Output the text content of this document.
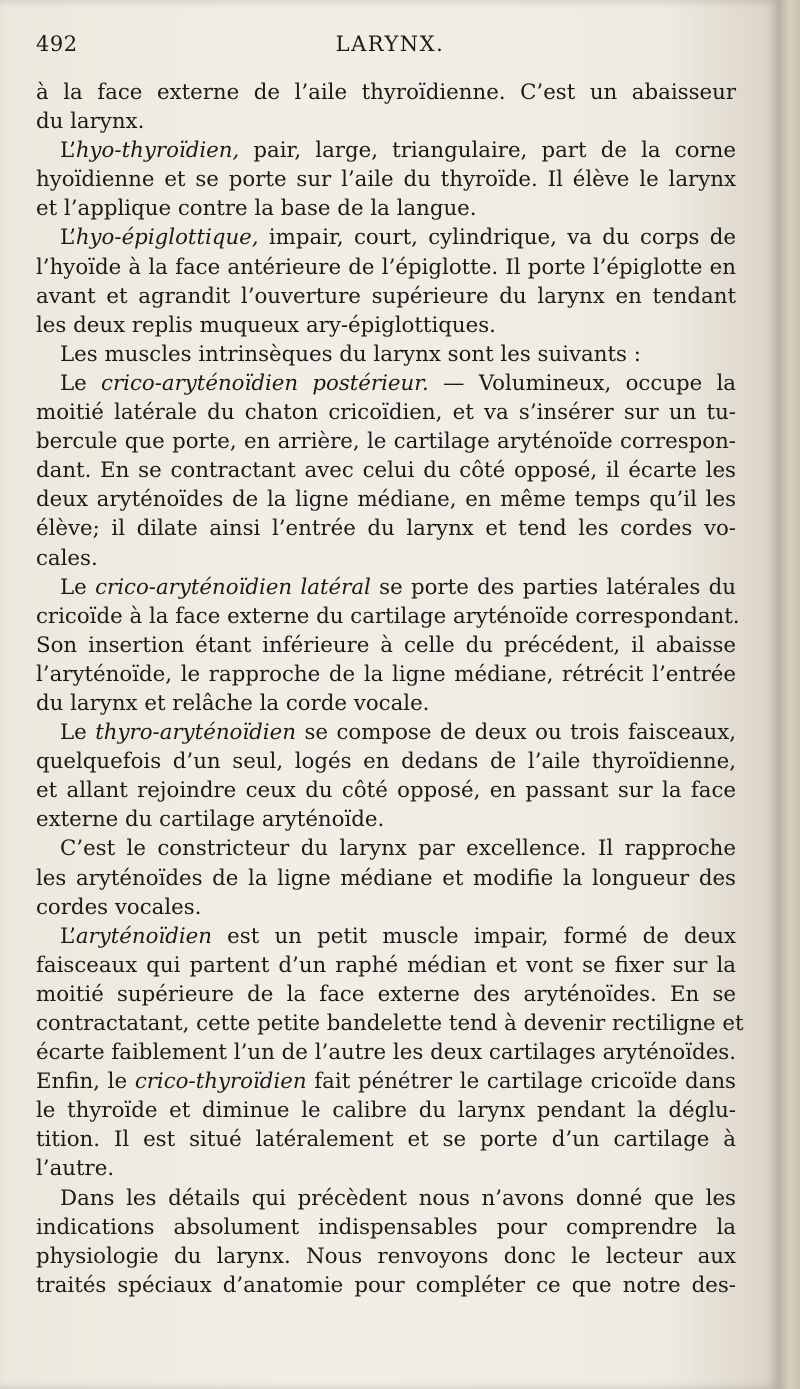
492	LARYNX.
à la face externe de l’aile thyroïdienne. C’est un abaisseur
du larynx.
L’hyo-thyroïdien, pair, large, triangulaire, part de la corne
hyoïdienne et se porte sur l’aile du thyroïde. Il élève le larynx
et l’applique contre la base de la langue.
L’hyo-épiglottique, impair, court, cylindrique, va du corps de
l’hyoïde à la face antérieure de l’épiglotte. Il porte l’épiglotte en
avant et agrandit l’ouverture supérieure du larynx en tendant
les deux replis muqueux ary-épiglottiques.
Les muscles intrinsèques du larynx sont les suivants :
Le crico-aryténoïdien postérieur. — Volumineux, occupe la
moitié latérale du chaton cricoïdien, et va s’insérer sur un tu-
bercule que porte, en arrière, le cartilage aryténoïde correspon-
dant. En se contractant avec celui du côté opposé, il écarte les
deux aryténoïdes de la ligne médiane, en même temps qu’il les
élève; il dilate ainsi l’entrée du larynx et tend les cordes vo-
cales.
Le crico-aryténoïdien latéral se porte des parties latérales du
cricoïde à la face externe du cartilage aryténoïde correspondant.
Son insertion étant inférieure à celle du précédent, il abaisse
l’aryténoïde, le rapproche de la ligne médiane, rétrécit l’entrée
du larynx et relâche la corde vocale.
Le thyro-aryténoïdien se compose de deux ou trois faisceaux,
quelquefois d’un seul, logés en dedans de l’aile thyroïdienne,
et allant rejoindre ceux du côté opposé, en passant sur la face
externe du cartilage aryténoïde.
C’est le constricteur du larynx par excellence. Il rapproche
les aryténoïdes de la ligne médiane et modifie la longueur des
cordes vocales.
L’aryténoïdien est un petit muscle impair, formé de deux
faisceaux qui partent d’un raphé médian et vont se fixer sur la
moitié supérieure de la face externe des aryténoïdes. En se
contractatant, cette petite bandelette tend à devenir rectiligne et
écarte faiblement l’un de l’autre les deux cartilages aryténoïdes.
Enfin, le crico-thyroïdien fait pénétrer le cartilage cricoïde dans
le thyroïde et diminue le calibre du larynx pendant la déglu-
tition. Il est situé latéralement et se porte d’un cartilage à
l’autre.
Dans les détails qui précèdent nous n’avons donné que les
indications absolument indispensables pour comprendre la
physiologie du larynx. Nous renvoyons donc le lecteur aux
traités spéciaux d’anatomie pour compléter ce que notre des-
